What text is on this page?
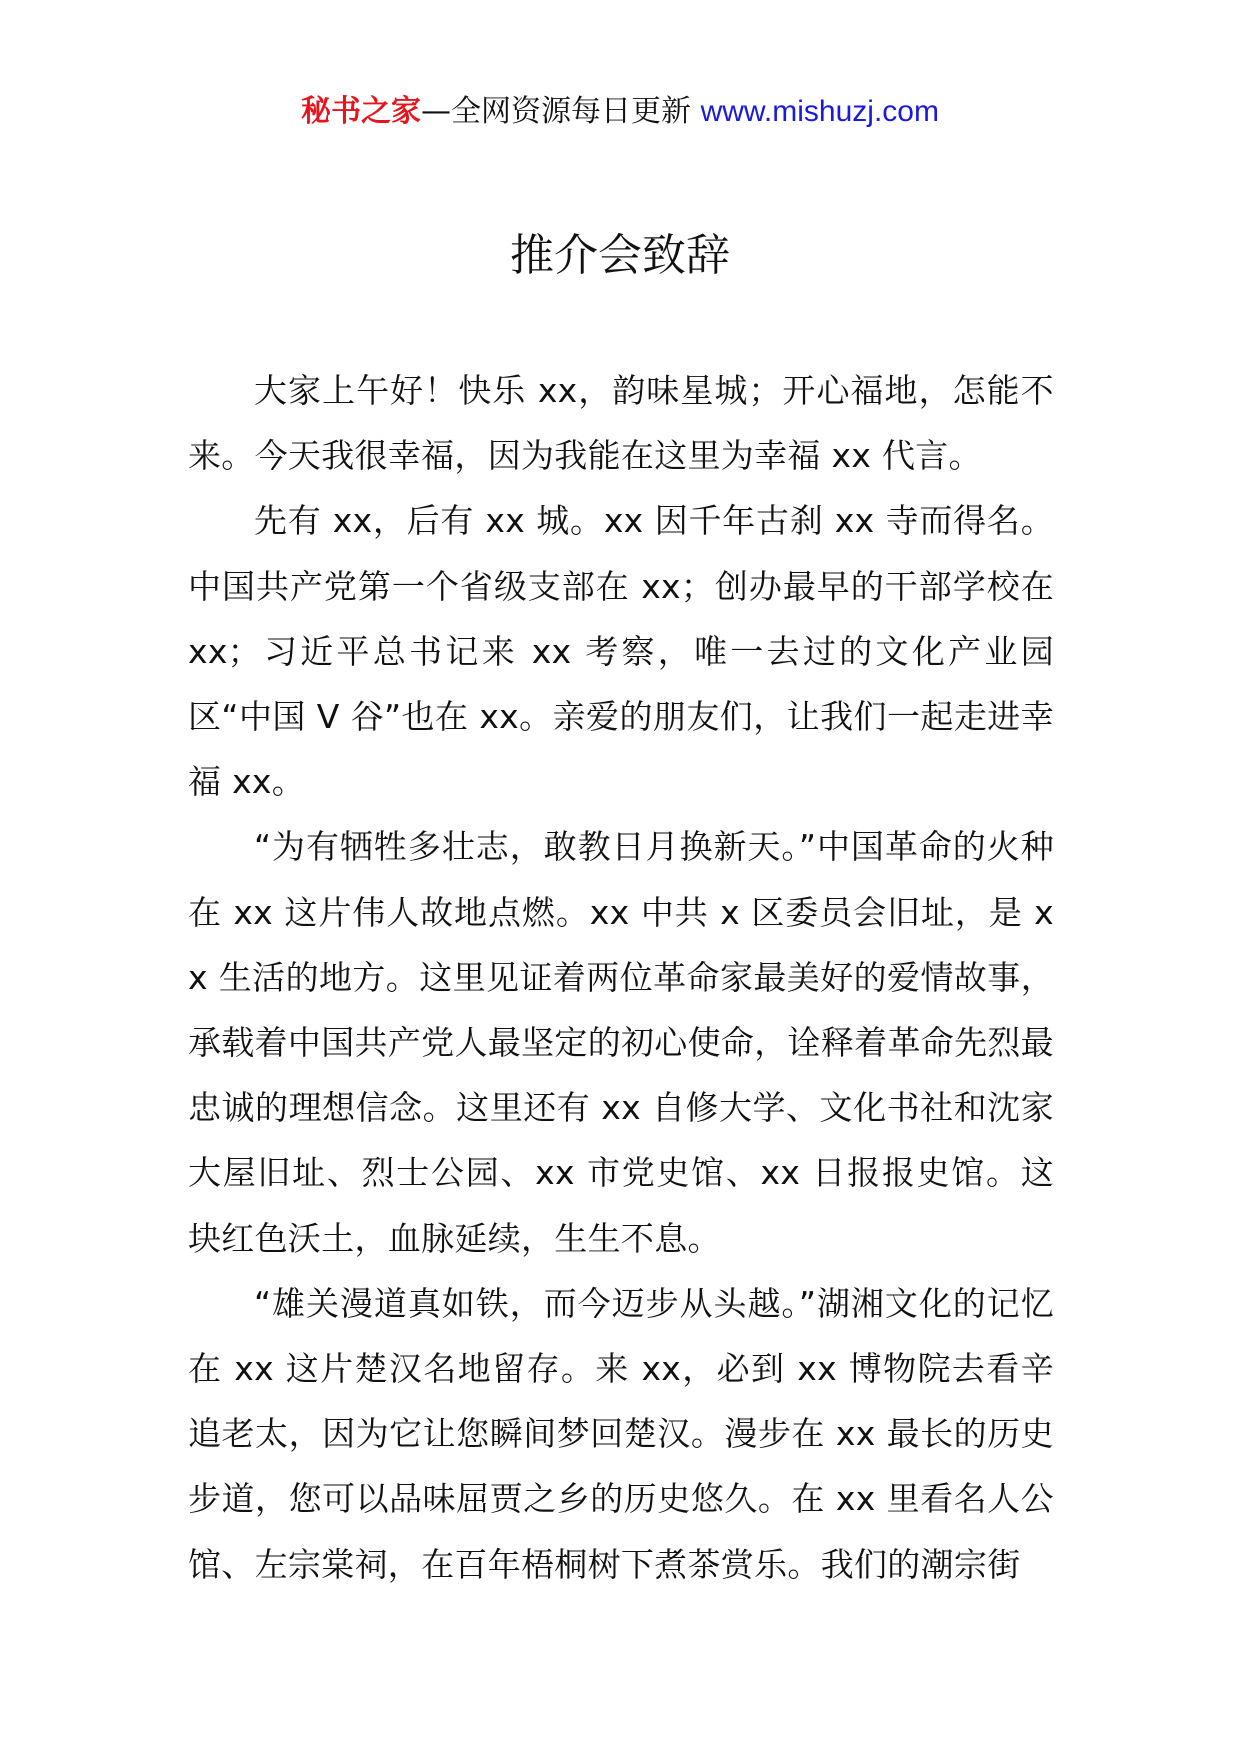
秘书之家—全网资源每日更新 www.mishuzj.com
推介会致辞

大家上午好！快乐 xx，韵味星城；开心福地，怎能不来。今天我很幸福，因为我能在这里为幸福 xx 代言。

先有 xx，后有 xx 城。xx 因千年古刹 xx 寺而得名。中国共产党第一个省级支部在 xx；创办最早的干部学校在 xx；习近平总书记来 xx 考察，唯一去过的文化产业园区“中国 V 谷”也在 xx。亲爱的朋友们，让我们一起走进幸福 xx。

“为有牺牲多壮志，敢教日月换新天。”中国革命的火种在 xx 这片伟人故地点燃。xx 中共 x 区委员会旧址，是 xx 生活的地方。这里见证着两位革命家最美好的爱情故事，承载着中国共产党人最坚定的初心使命，诠释着革命先烈最忠诚的理想信念。这里还有 xx 自修大学、文化书社和沈家大屋旧址、烈士公园、xx 市党史馆、xx 日报报史馆。这块红色沃土，血脉延续，生生不息。

“雄关漫道真如铁，而今迈步从头越。”湖湘文化的记忆在 xx 这片楚汉名地留存。来 xx，必到 xx 博物院去看辛追老太，因为它让您瞬间梦回楚汉。漫步在 xx 最长的历史步道，您可以品味屈贾之乡的历史悠久。在 xx 里看名人公馆、左宗棠祠，在百年梧桐树下煮茶赏乐。我们的潮宗街
